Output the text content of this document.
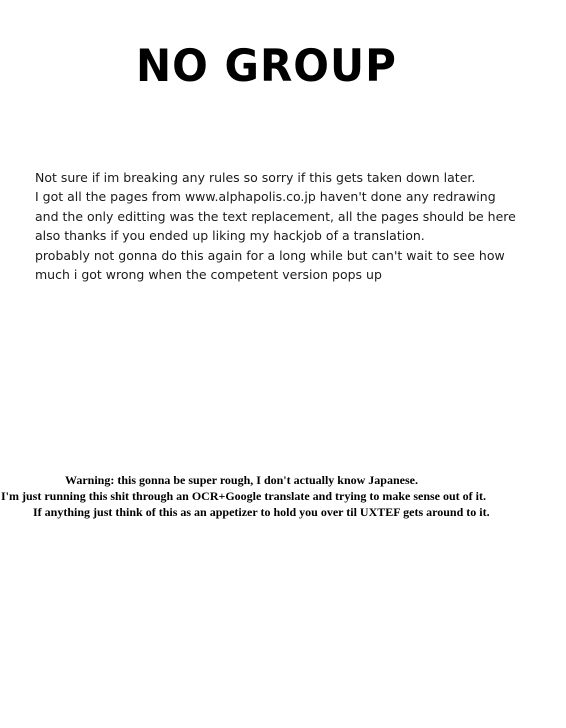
NO GROUP
Not sure if im breaking any rules so sorry if this gets taken down later.
I got all the pages from www.alphapolis.co.jp haven't done any redrawing
and the only editting was the text replacement, all the pages should be here
also thanks if you ended up liking my hackjob of a translation.
probably not gonna do this again for a long while but can't wait to see how
much i got wrong when the competent version pops up
Warning: this gonna be super rough, I don't actually know Japanese.
I'm just running this shit through an OCR+Google translate and trying to make sense out of it.
If anything just think of this as an appetizer to hold you over til UXTEF gets around to it.
